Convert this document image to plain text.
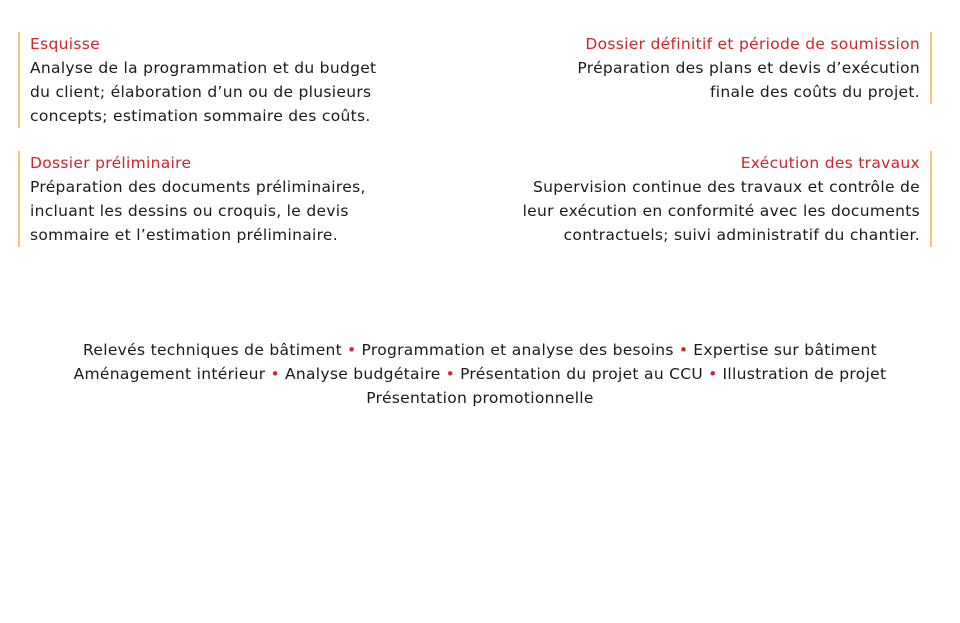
Esquisse
Analyse de la programmation et du budget
du client; élaboration d’un ou de plusieurs
concepts; estimation sommaire des coûts.
Dossier définitif et période de soumission
Préparation des plans et devis d’exécution
finale des coûts du projet.
Dossier préliminaire
Préparation des documents préliminaires,
incluant les dessins ou croquis, le devis
sommaire et l’estimation préliminaire.
Exécution des travaux
Supervision continue des travaux et contrôle de
leur exécution en conformité avec les documents
contractuels; suivi administratif du chantier.
Relevés techniques de bâtiment • Programmation et analyse des besoins • Expertise sur bâtiment
Aménagement intérieur • Analyse budgétaire • Présentation du projet au CCU • Illustration de projet
Présentation promotionnelle
